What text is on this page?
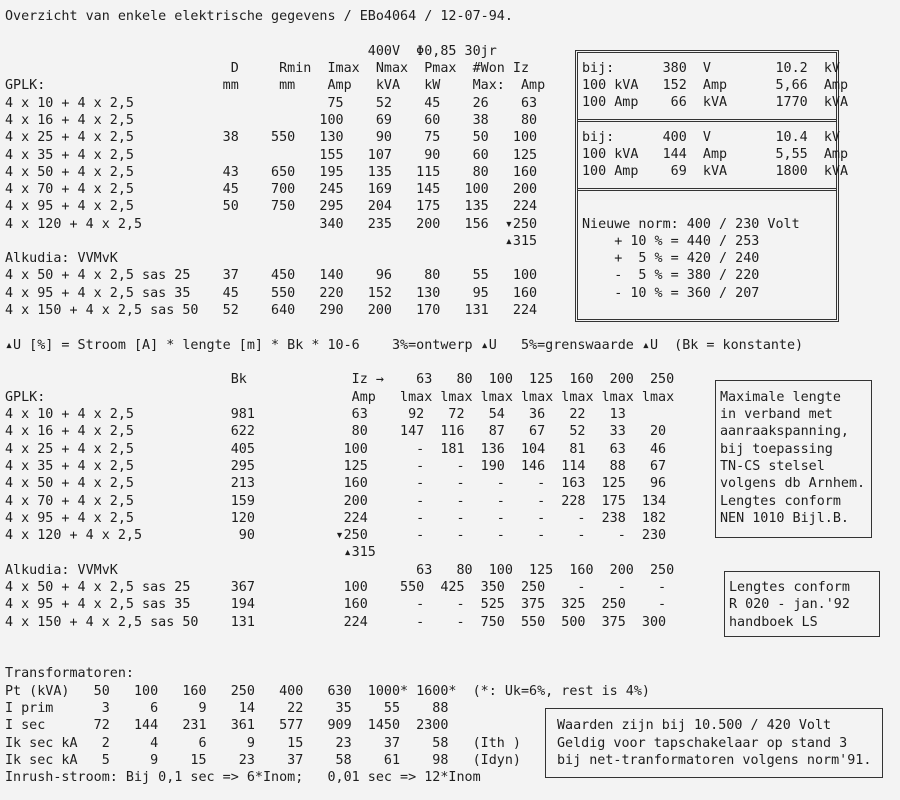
Overzicht van enkele elektrische gegevens / EBo4064 / 12-07-94.
400V  Φ0,85 30jr
D     Rmin  Imax  Nmax  Pmax  #Won Iz
GPLK:                      mm     mm    Amp   kVA   kW    Max:  Amp
4 x 10 + 4 x 2,5                        75    52    45    26    63
4 x 16 + 4 x 2,5                       100    69    60    38    80
4 x 25 + 4 x 2,5           38    550   130    90    75    50   100
4 x 35 + 4 x 2,5                       155   107    90    60   125
4 x 50 + 4 x 2,5           43    650   195   135   115    80   160
4 x 70 + 4 x 2,5           45    700   245   169   145   100   200
4 x 95 + 4 x 2,5           50    750   295   204   175   135   224
4 x 120 + 4 x 2,5                      340   235   200   156  ▾250
▴315
Alkudia: VVMvK
4 x 50 + 4 x 2,5 sas 25    37    450   140    96    80    55   100
4 x 95 + 4 x 2,5 sas 35    45    550   220   152   130    95   160
4 x 150 + 4 x 2,5 sas 50   52    640   290   200   170   131   224
bij:      380  V        10.2  kV
100 kVA   152  Amp      5,66  Amp
100 Amp    66  kVA      1770  kVA
bij:      400  V        10.4  kV
100 kVA   144  Amp      5,55  Amp
100 Amp    69  kVA      1800  kVA
Nieuwe norm: 400 / 230 Volt
+ 10 % = 440 / 253
+  5 % = 420 / 240
-  5 % = 380 / 220
- 10 % = 360 / 207
▴U [%] = Stroom [A] * lengte [m] * Bk * 10-6    3%=ontwerp ▴U   5%=grenswaarde ▴U  (Bk = konstante)
Bk             Iz →    63   80  100  125  160  200  250
GPLK:                                      Amp   lmax lmax lmax lmax lmax lmax lmax
4 x 10 + 4 x 2,5            981            63     92   72   54   36   22   13
4 x 16 + 4 x 2,5            622            80    147  116   87   67   52   33   20
4 x 25 + 4 x 2,5            405           100      -  181  136  104   81   63   46
4 x 35 + 4 x 2,5            295           125      -    -  190  146  114   88   67
4 x 50 + 4 x 2,5            213           160      -    -    -    -  163  125   96
4 x 70 + 4 x 2,5            159           200      -    -    -    -  228  175  134
4 x 95 + 4 x 2,5            120           224      -    -    -    -    -  238  182
4 x 120 + 4 x 2,5            90          ▾250      -    -    -    -    -    -  230
▴315
Alkudia: VVMvK                                     63   80  100  125  160  200  250
4 x 50 + 4 x 2,5 sas 25     367           100    550  425  350  250    -    -    -
4 x 95 + 4 x 2,5 sas 35     194           160      -    -  525  375  325  250    -
4 x 150 + 4 x 2,5 sas 50    131           224      -    -  750  550  500  375  300
Maximale lengte
in verband met
aanraakspanning,
bij toepassing
TN-CS stelsel
volgens db Arnhem.
Lengtes conform
NEN 1010 Bijl.B.
Lengtes conform
R 020 - jan.'92
handboek LS
Transformatoren:
Pt (kVA)   50   100   160   250   400   630  1000* 1600*  (*: Uk=6%, rest is 4%)
I prim      3     6     9    14    22    35    55    88
I sec      72   144   231   361   577   909  1450  2300
Ik sec kA   2     4     6     9    15    23    37    58   (Ith )
Ik sec kA   5     9    15    23    37    58    61    98   (Idyn)
Inrush-stroom: Bij 0,1 sec => 6*Inom;   0,01 sec => 12*Inom
Waarden zijn bij 10.500 / 420 Volt
Geldig voor tapschakelaar op stand 3
bij net-tranformatoren volgens norm'91.
